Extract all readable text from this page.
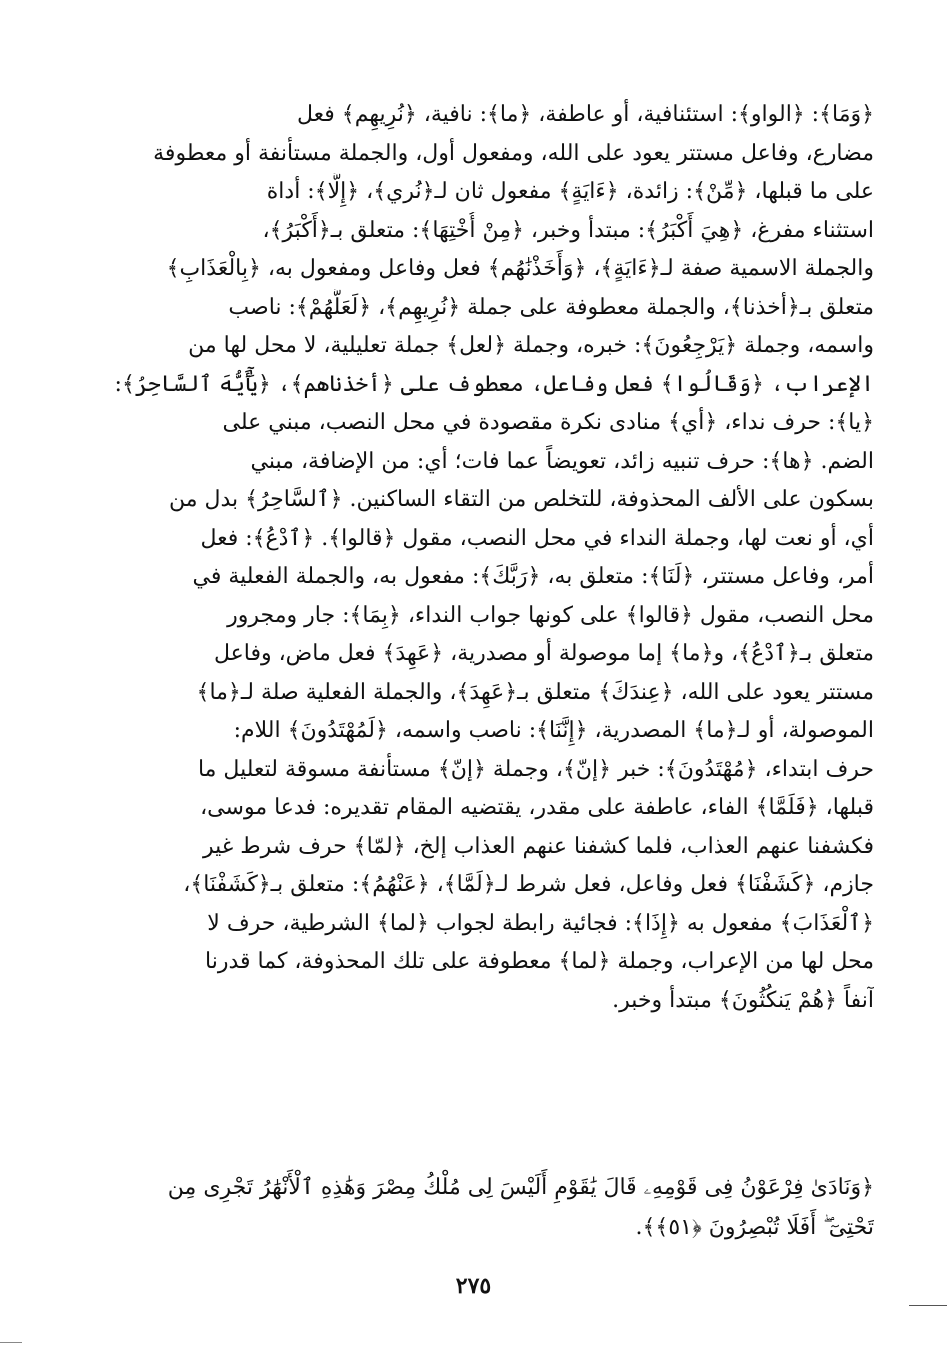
﴿وَمَا﴾: ﴿الواو﴾: استئنافية، أو عاطفة، ﴿ما﴾: نافية، ﴿نُرِيهِم﴾ فعل
مضارع، وفاعل مستتر يعود على الله، ومفعول أول، والجملة مستأنفة أو معطوفة
على ما قبلها، ﴿مِّنْ﴾: زائدة، ﴿ءَايَةٍ﴾ مفعول ثان لـ﴿نُري﴾، ﴿إِلَّا﴾: أداة
استثناء مفرغ، ﴿هِيَ أَكْبَرُ﴾: مبتدأ وخبر، ﴿مِنْ أُخْتِهَا﴾: متعلق بـ﴿أَكْبَرُ﴾،
والجملة الاسمية صفة لـ﴿ءَايَةٍ﴾، ﴿وَأَخَذْنَٰهُم﴾ فعل وفاعل ومفعول به، ﴿بِالْعَذَابِ﴾
متعلق بـ﴿أخذنا﴾، والجملة معطوفة على جملة ﴿نُرِيهِم﴾، ﴿لَعَلَّهُمْ﴾: ناصب
واسمه، وجملة ﴿يَرْجِعُونَ﴾: خبره، وجملة ﴿لعل﴾ جملة تعليلية، لا محل لها من
الإعراب، ﴿وَقَالُوا﴾ فعل وفاعل، معطوف على ﴿أخذناهم﴾، ﴿يَٰٓأَيُّهَ ٱلسَّاحِرُ﴾:
﴿يا﴾: حرف نداء، ﴿أي﴾ منادى نكرة مقصودة في محل النصب، مبني على
الضم. ﴿ها﴾: حرف تنبيه زائد، تعويضاً عما فات؛ أي: من الإضافة، مبني
بسكون على الألف المحذوفة، للتخلص من التقاء الساكنين. ﴿ٱلسَّاحِرُ﴾ بدل من
أي، أو نعت لها، وجملة النداء في محل النصب، مقول ﴿قالوا﴾. ﴿ٱدْعُ﴾: فعل
أمر، وفاعل مستتر، ﴿لَنَا﴾: متعلق به، ﴿رَبَّكَ﴾: مفعول به، والجملة الفعلية في
محل النصب، مقول ﴿قالوا﴾ على كونها جواب النداء، ﴿بِمَا﴾: جار ومجرور
متعلق بـ﴿ٱدْعُ﴾، و﴿ما﴾ إما موصولة أو مصدرية، ﴿عَهِدَ﴾ فعل ماض، وفاعل
مستتر يعود على الله، ﴿عِندَكَ﴾ متعلق بـ﴿عَهِدَ﴾، والجملة الفعلية صلة لـ﴿ما﴾
الموصولة، أو لـ﴿ما﴾ المصدرية، ﴿إِنَّنَا﴾: ناصب واسمه، ﴿لَمُهْتَدُونَ﴾ اللام:
حرف ابتداء، ﴿مُهْتَدُونَ﴾: خبر ﴿إنّ﴾، وجملة ﴿إنّ﴾ مستأنفة مسوقة لتعليل ما
قبلها، ﴿فَلَمَّا﴾ الفاء، عاطفة على مقدر، يقتضيه المقام تقديره: فدعا موسى،
فكشفنا عنهم العذاب، فلما كشفنا عنهم العذاب إلخ، ﴿لمّا﴾ حرف شرط غير
جازم، ﴿كَشَفْنَا﴾ فعل وفاعل، فعل شرط لـ﴿لَمَّا﴾، ﴿عَنْهُمُ﴾: متعلق بـ﴿كَشَفْنَا﴾،
﴿ٱلْعَذَابَ﴾ مفعول به ﴿إِذَا﴾: فجائية رابطة لجواب ﴿لما﴾ الشرطية، حرف لا
محل لها من الإعراب، وجملة ﴿لما﴾ معطوفة على تلك المحذوفة، كما قدرنا
آنفاً ﴿هُمْ يَنكُثُونَ﴾ مبتدأ وخبر.
﴿وَنَادَىٰ فِرْعَوْنُ فِى قَوْمِهِۦ قَالَ يَٰقَوْمِ أَلَيْسَ لِى مُلْكُ مِصْرَ وَهَٰذِهِ ٱلْأَنْهَٰرُ تَجْرِى مِن
تَحْتِىٓ ۖ أَفَلَا تُبْصِرُونَ ﴿٥١﴾﴾.
٢٧٥
